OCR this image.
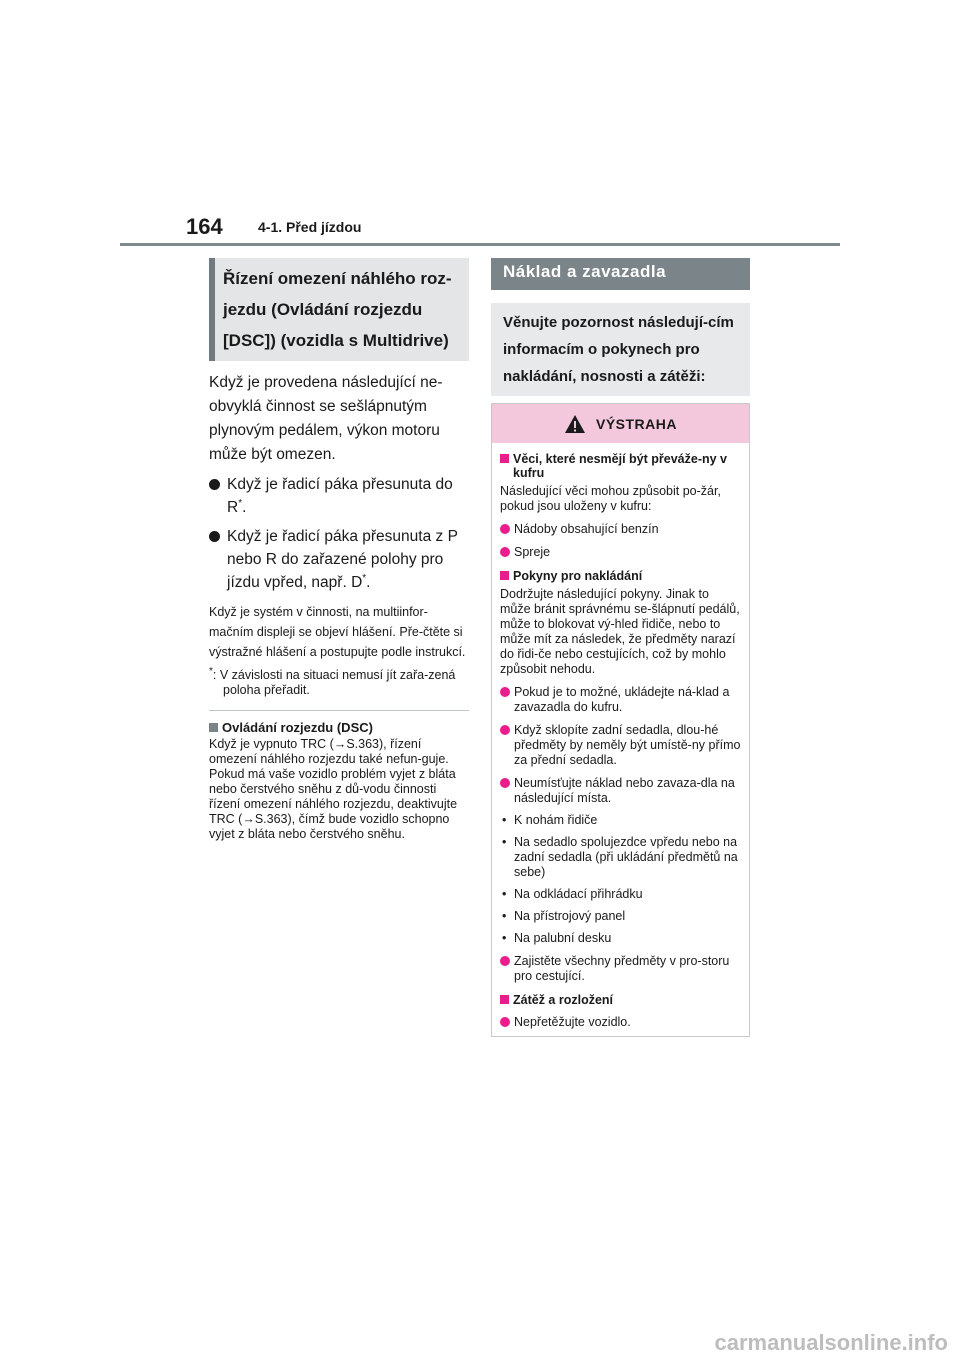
164	4-1. Před jízdou
Řízení omezení náhlého roz-jezdu (Ovládání rozjezdu [DSC]) (vozidla s Multidrive)
Když je provedena následující ne-obvyklá činnost se sešlápnutým plynovým pedálem, výkon motoru může být omezen.
Když je řadicí páka přesunuta do R*.
Když je řadicí páka přesunuta z P nebo R do zařazené polohy pro jízdu vpřed, např. D*.
Když je systém v činnosti, na multiinfor-mačním displeji se objeví hlášení. Pře-čtěte si výstražné hlášení a postupujte podle instrukcí.
*: V závislosti na situaci nemusí jít zařa-zená poloha přeřadit.
Ovládání rozjezdu (DSC)
Když je vypnuto TRC (→S.363), řízení omezení náhlého rozjezdu také nefun-guje. Pokud má vaše vozidlo problém vyjet z bláta nebo čerstvého sněhu z dů-vodu činnosti řízení omezení náhlého rozjezdu, deaktivujte TRC (→S.363), čímž bude vozidlo schopno vyjet z bláta nebo čerstvého sněhu.
Náklad a zavazadla
Věnujte pozornost následují-cím informacím o pokynech pro nakládání, nosnosti a zátěži:
VÝSTRAHA
Věci, které nesmějí být převáže-ny v kufru
Následující věci mohou způsobit po-žár, pokud jsou uloženy v kufru:
Nádoby obsahující benzín
Spreje
Pokyny pro nakládání
Dodržujte následující pokyny. Jinak to může bránit správnému se-šlápnutí pedálů, může to blokovat vý-hled řidiče, nebo to může mít za následek, že předměty narazí do řidi-če nebo cestujících, což by mohlo způsobit nehodu.
Pokud je to možné, ukládejte ná-klad a zavazadla do kufru.
Když sklopíte zadní sedadla, dlou-hé předměty by neměly být umístě-ny přímo za přední sedadla.
Neumísťujte náklad nebo zavaza-dla na následující místa.
• K nohám řidiče
• Na sedadlo spolujezdce vpředu nebo na zadní sedadla (při ukládání předmětů na sebe)
• Na odkládací přihrádku
• Na přístrojový panel
• Na palubní desku
Zajistěte všechny předměty v pro-storu pro cestující.
Zátěž a rozložení
Nepřetěžujte vozidlo.
carmanualsonline.info
